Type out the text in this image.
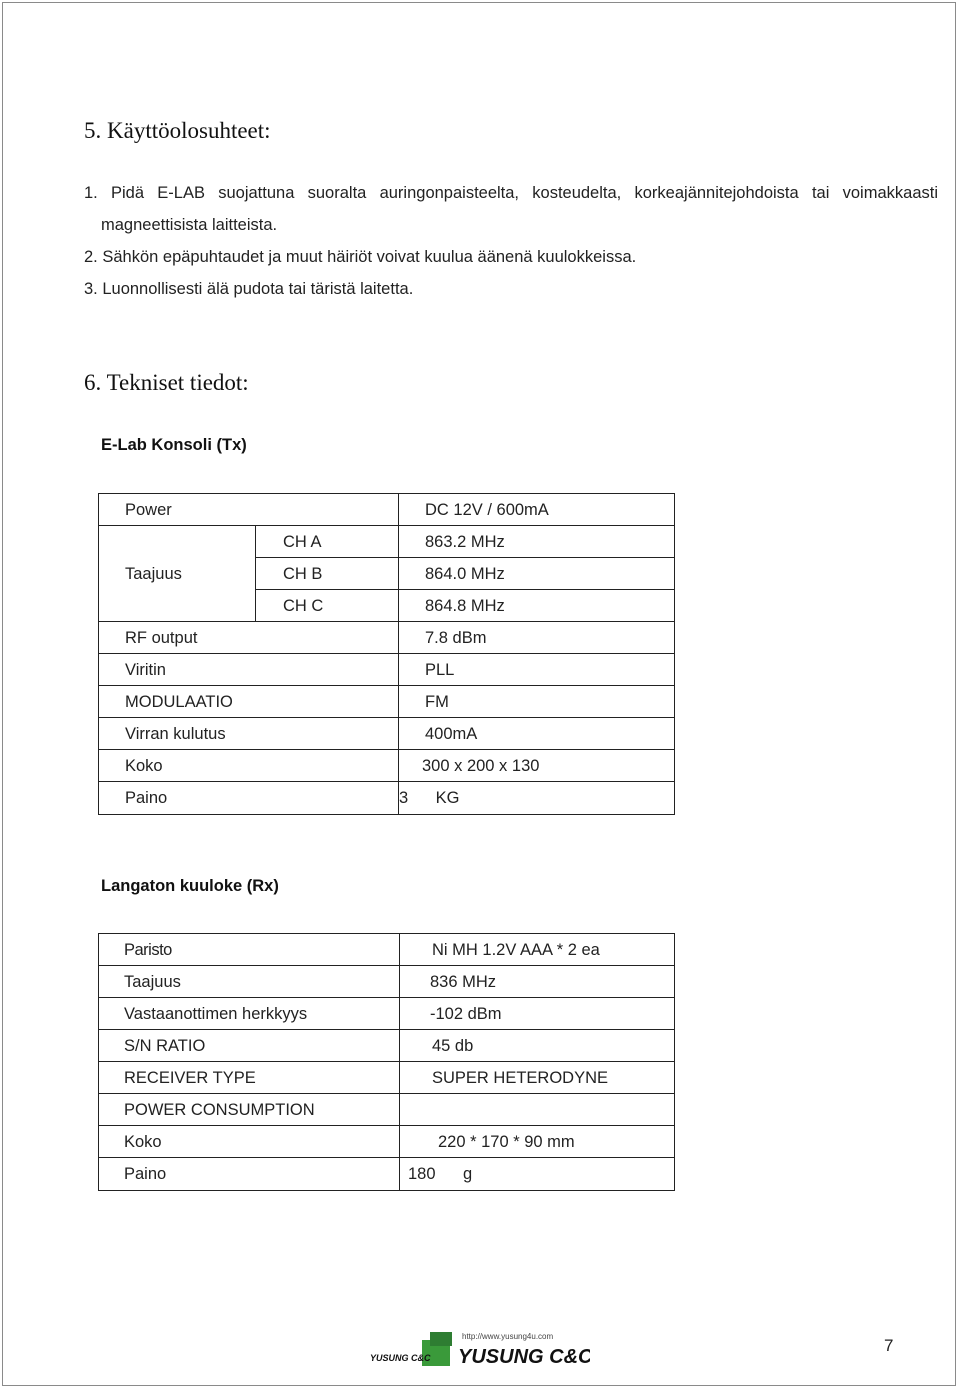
5. Käyttöolosuhteet:
1. Pidä E-LAB suojattuna suoralta auringonpaisteelta, kosteudelta, korkeajännitejohdoista tai voimakkaasti
magneettisista laitteista.
2. Sähkön epäpuhtaudet ja muut häiriöt voivat kuulua äänenä kuulokkeissa.
3. Luonnollisesti älä pudota tai täristä laitetta.
6. Tekniset tiedot:
E-Lab Konsoli (Tx)
Power	DC 12V / 600mA
Taajuus
CH A	863.2 MHz
CH B	864.0 MHz
CH C	864.8 MHz
RF output	7.8 dBm
Viritin	PLL
MODULAATIO	FM
Virran kulutus	400mA
Koko	300 x 200 x 130
Paino	3      KG
Langaton kuuloke (Rx)
Paristo	Ni MH 1.2V AAA * 2 ea
Taajuus	836 MHz
Vastaanottimen herkkyys	-102 dBm
S/N RATIO	45 db
RECEIVER TYPE	SUPER HETERODYNE
POWER CONSUMPTION
Koko	220 * 170 * 90 mm
Paino	180      g
YUSUNG C&C
http://www.yusung4u.com
YUSUNG C&C
7
